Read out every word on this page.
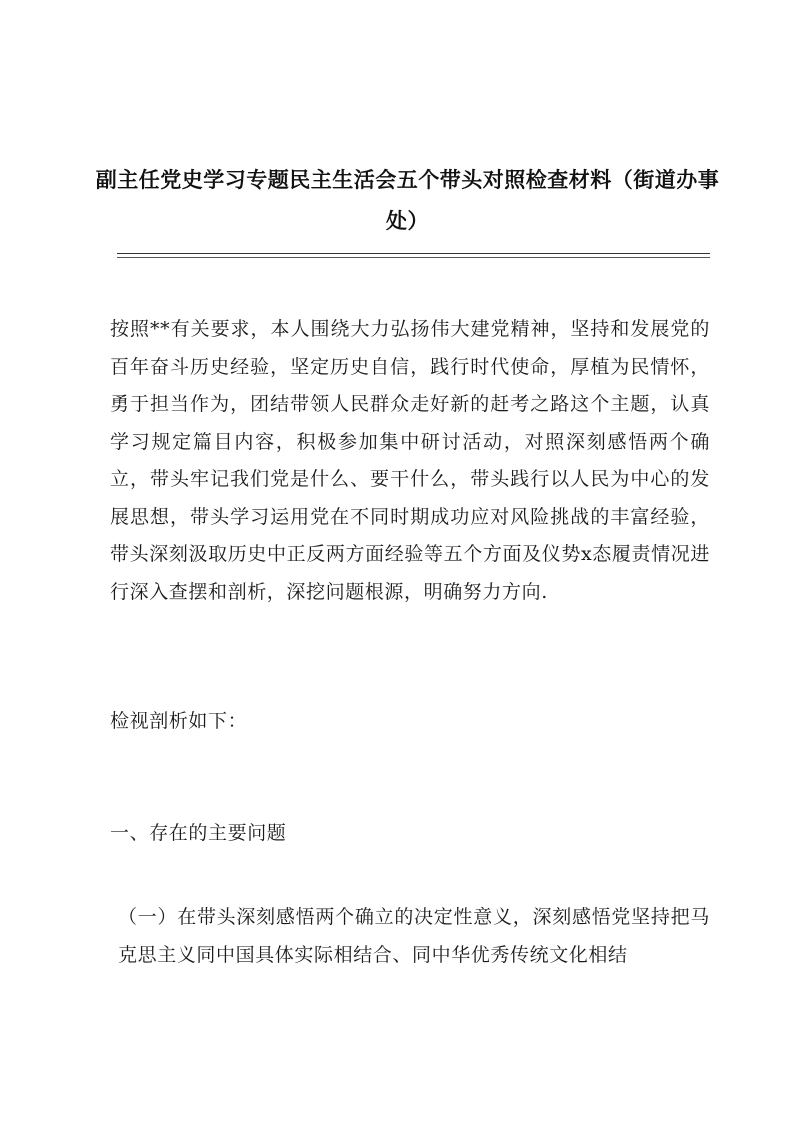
副主任党史学习专题民主生活会五个带头对照检查材料（街道办事处）

按照**有关要求，本人围绕大力弘扬伟大建党精神，坚持和发展党的百年奋斗历史经验，坚定历史自信，践行时代使命，厚植为民情怀，勇于担当作为，团结带领人民群众走好新的赶考之路这个主题，认真学习规定篇目内容，积极参加集中研讨活动，对照深刻感悟两个确立，带头牢记我们党是什么、要干什么，带头践行以人民为中心的发展思想，带头学习运用党在不同时期成功应对风险挑战的丰富经验，带头深刻汲取历史中正反两方面经验等五个方面及仪势x态履责情况进行深入查摆和剖析，深挖问题根源，明确努力方向.

检视剖析如下：

一、存在的主要问题

（一）在带头深刻感悟两个确立的决定性意义，深刻感悟党坚持把马克思主义同中国具体实际相结合、同中华优秀传统文化相结
